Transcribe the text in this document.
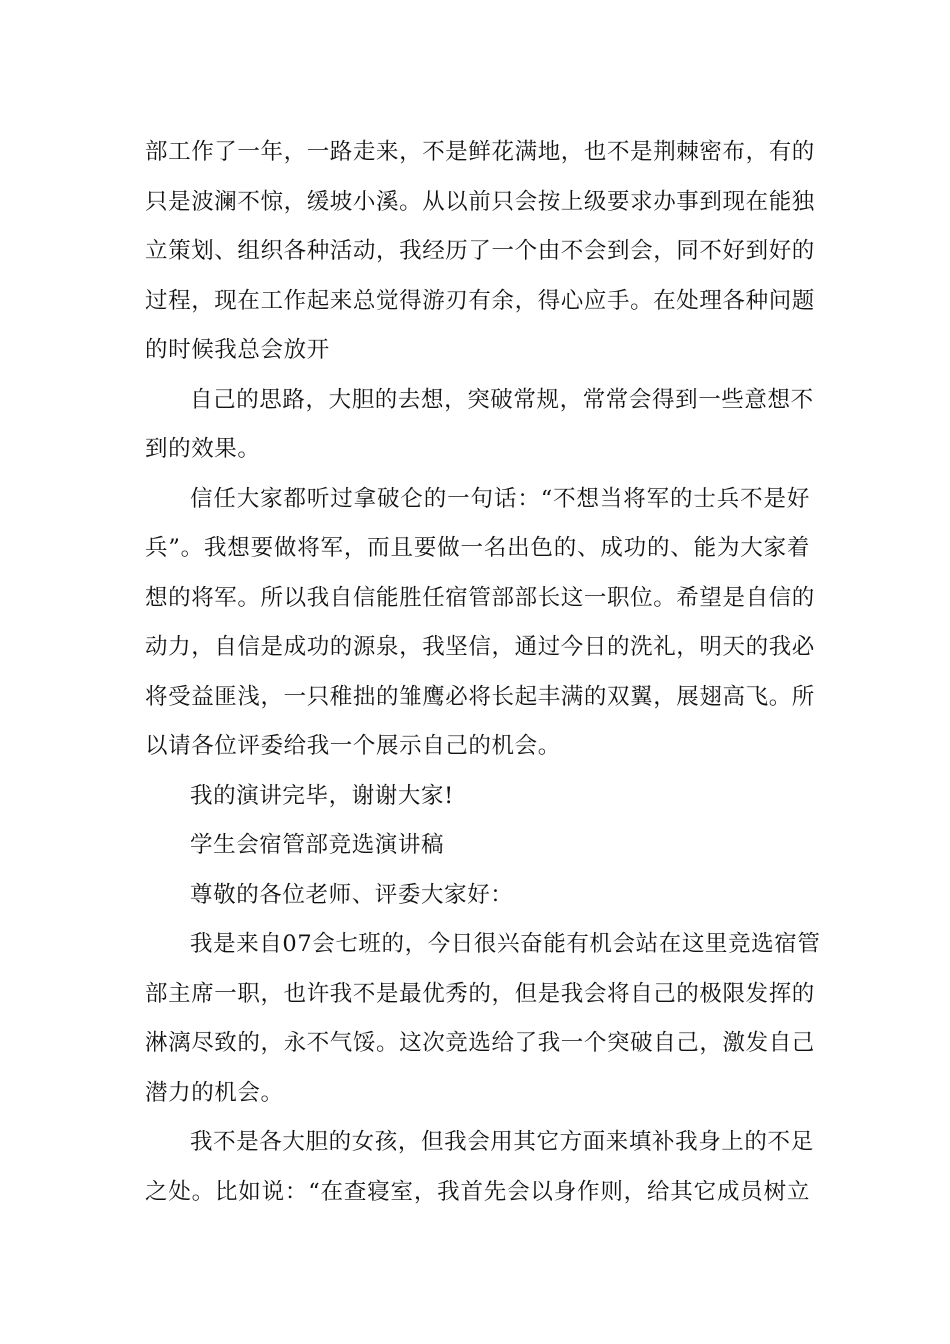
部工作了一年，一路走来，不是鲜花满地，也不是荆棘密布，有的
只是波澜不惊，缓坡小溪。从以前只会按上级要求办事到现在能独
立策划、组织各种活动，我经历了一个由不会到会，同不好到好的
过程，现在工作起来总觉得游刃有余，得心应手。在处理各种问题
的时候我总会放开
自己的思路，大胆的去想，突破常规，常常会得到一些意想不
到的效果。
信任大家都听过拿破仑的一句话：“不想当将军的士兵不是好
兵”。我想要做将军，而且要做一名出色的、成功的、能为大家着
想的将军。所以我自信能胜任宿管部部长这一职位。希望是自信的
动力，自信是成功的源泉，我坚信，通过今日的洗礼，明天的我必
将受益匪浅，一只稚拙的雏鹰必将长起丰满的双翼，展翅高飞。所
以请各位评委给我一个展示自己的机会。
我的演讲完毕，谢谢大家!
学生会宿管部竞选演讲稿
尊敬的各位老师、评委大家好：
我是来自07会七班的，今日很兴奋能有机会站在这里竞选宿管
部主席一职，也许我不是最优秀的，但是我会将自己的极限发挥的
淋漓尽致的，永不气馁。这次竞选给了我一个突破自己，激发自己
潜力的机会。
我不是各大胆的女孩，但我会用其它方面来填补我身上的不足
之处。比如说：“在查寝室，我首先会以身作则，给其它成员树立
